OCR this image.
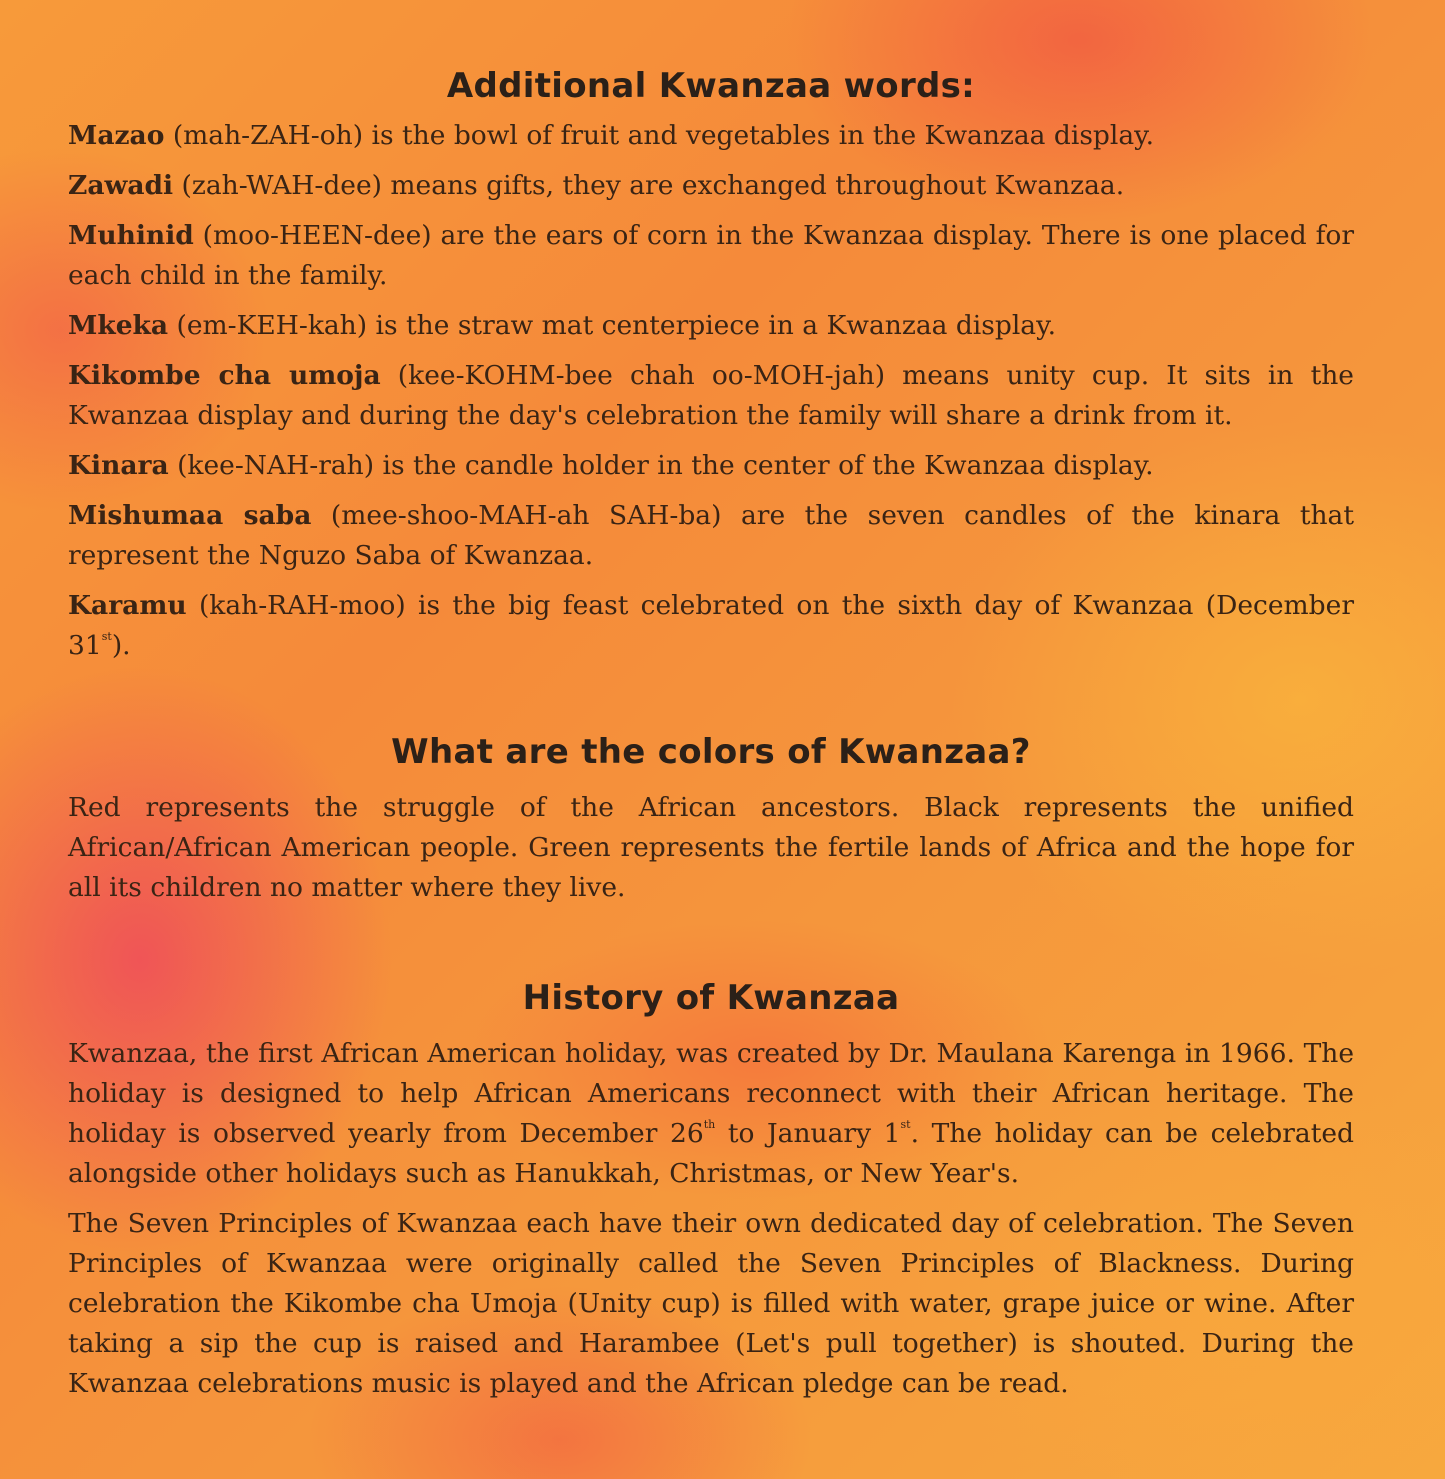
Additional Kwanzaa words:

Mazao (mah-ZAH-oh) is the bowl of fruit and vegetables in the Kwanzaa display.

Zawadi (zah-WAH-dee) means gifts, they are exchanged throughout Kwanzaa.

Muhinid (moo-HEEN-dee) are the ears of corn in the Kwanzaa display. There is one placed for each child in the family.

Mkeka (em-KEH-kah) is the straw mat centerpiece in a Kwanzaa display.

Kikombe cha umoja (kee-KOHM-bee chah oo-MOH-jah) means unity cup. It sits in the Kwanzaa display and during the day's celebration the family will share a drink from it.

Kinara (kee-NAH-rah) is the candle holder in the center of the Kwanzaa display.

Mishumaa saba (mee-shoo-MAH-ah SAH-ba) are the seven candles of the kinara that represent the Nguzo Saba of Kwanzaa.

Karamu (kah-RAH-moo) is the big feast celebrated on the sixth day of Kwanzaa (December 31st).

What are the colors of Kwanzaa?

Red represents the struggle of the African ancestors. Black represents the unified African/African American people. Green represents the fertile lands of Africa and the hope for all its children no matter where they live.

History of Kwanzaa

Kwanzaa, the first African American holiday, was created by Dr. Maulana Karenga in 1966. The holiday is designed to help African Americans reconnect with their African heritage. The holiday is observed yearly from December 26th to January 1st. The holiday can be celebrated alongside other holidays such as Hanukkah, Christmas, or New Year's.

The Seven Principles of Kwanzaa each have their own dedicated day of celebration. The Seven Principles of Kwanzaa were originally called the Seven Principles of Blackness. During celebration the Kikombe cha Umoja (Unity cup) is filled with water, grape juice or wine. After taking a sip the cup is raised and Harambee (Let's pull together) is shouted. During the Kwanzaa celebrations music is played and the African pledge can be read.
